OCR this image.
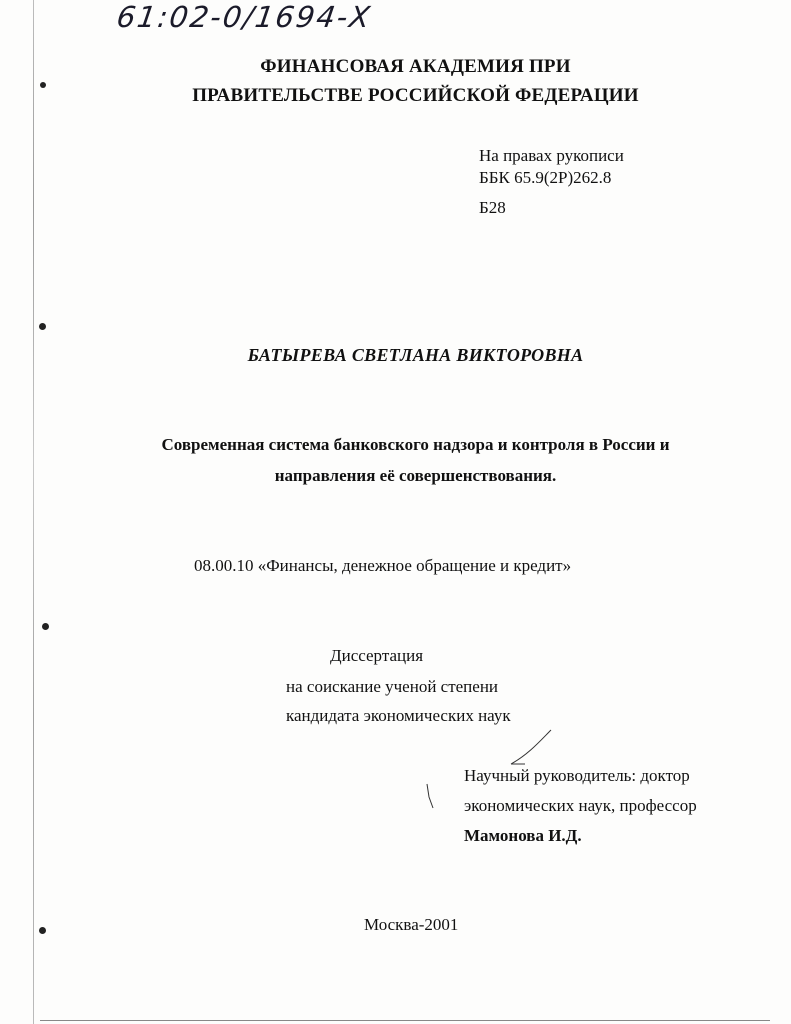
61:02-0/1694-Х
ФИНАНСОВАЯ АКАДЕМИЯ ПРИ
ПРАВИТЕЛЬСТВЕ РОССИЙСКОЙ ФЕДЕРАЦИИ
На правах рукописи
ББК 65.9(2Р)262.8
Б28
БАТЫРЕВА СВЕТЛАНА ВИКТОРОВНА
Современная система банковского надзора и контроля в России и
направления её совершенствования.
08.00.10 «Финансы, денежное обращение и кредит»
Диссертация
на соискание ученой степени
кандидата экономических наук
Научный руководитель: доктор
экономических наук, профессор
Мамонова И.Д.
Москва-2001
